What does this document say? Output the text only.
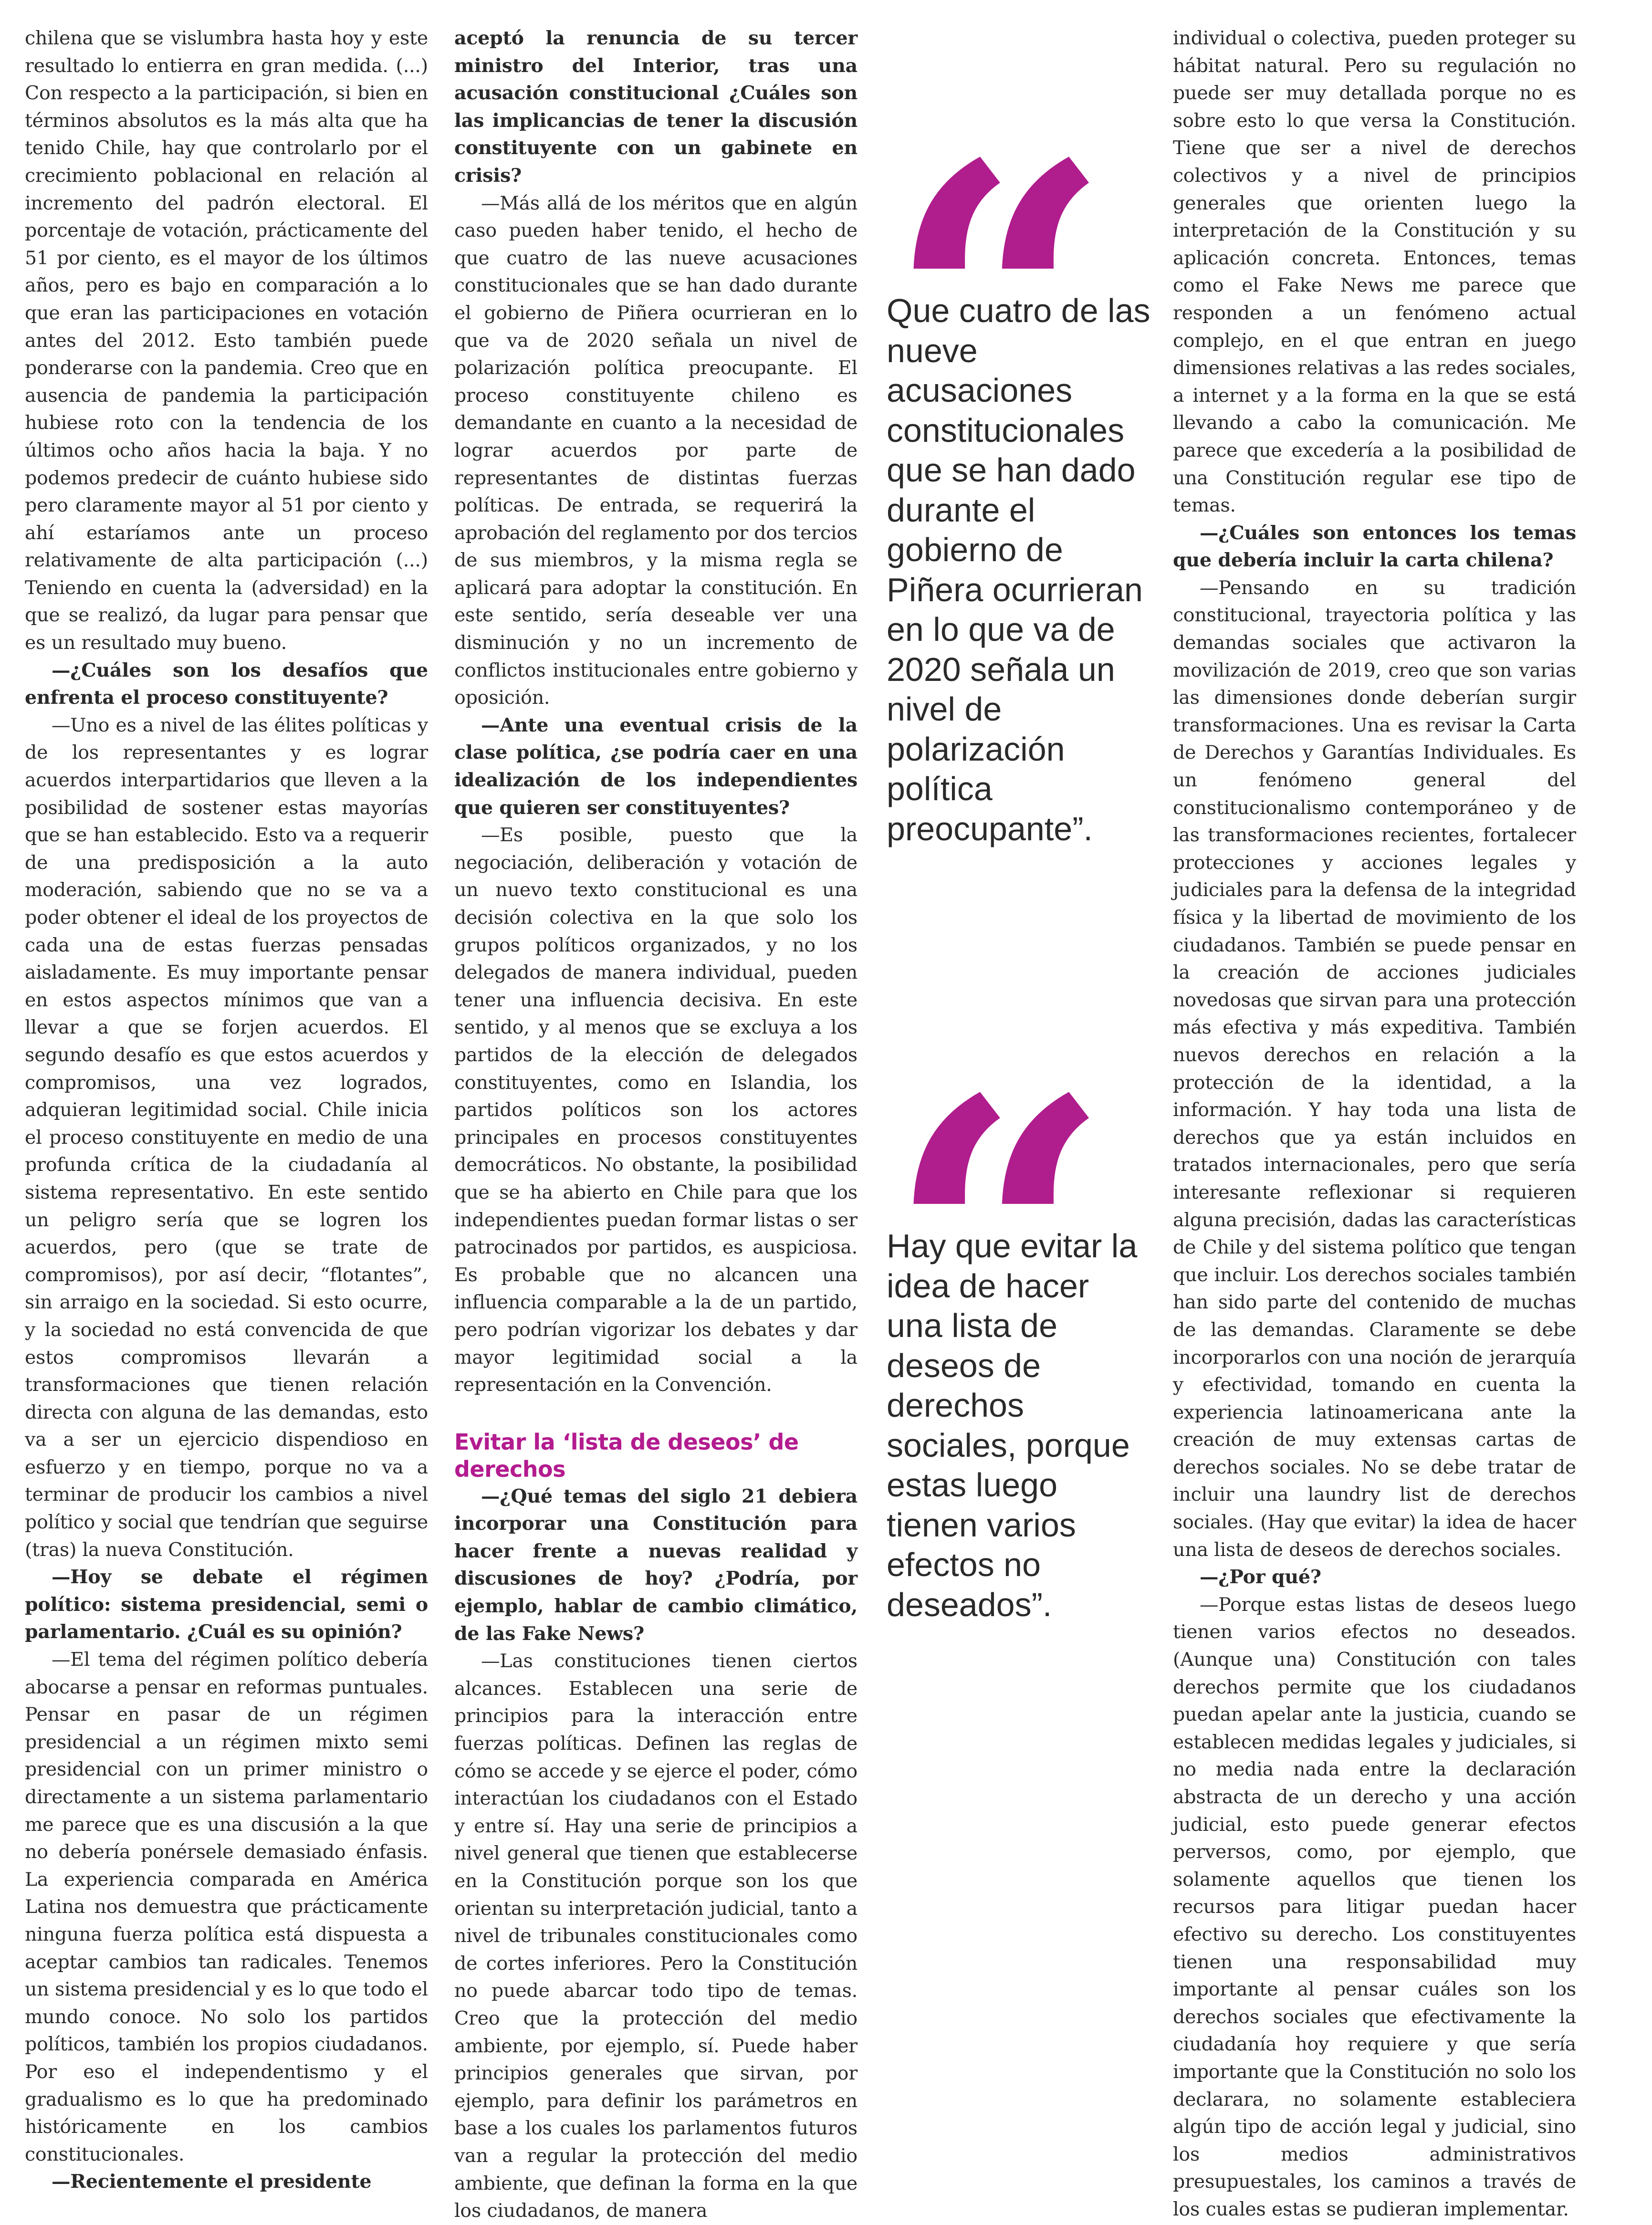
chilena que se vislumbra hasta hoy y este resultado lo entierra en gran medida. (...) Con respecto a la participación, si bien en términos absolutos es la más alta que ha tenido Chile, hay que controlarlo por el crecimiento poblacional en relación al incremento del padrón electoral. El porcentaje de votación, prácticamente del 51 por ciento, es el mayor de los últimos años, pero es bajo en comparación a lo que eran las participaciones en votación antes del 2012. Esto también puede ponderarse con la pandemia. Creo que en ausencia de pandemia la participación hubiese roto con la tendencia de los últimos ocho años hacia la baja. Y no podemos predecir de cuánto hubiese sido pero claramente mayor al 51 por ciento y ahí estaríamos ante un proceso relativamente de alta participación (...) Teniendo en cuenta la (adversidad) en la que se realizó, da lugar para pensar que es un resultado muy bueno.

—¿Cuáles son los desafíos que enfrenta el proceso constituyente?

—Uno es a nivel de las élites políticas y de los representantes y es lograr acuerdos interpartidarios que lleven a la posibilidad de sostener estas mayorías que se han establecido. Esto va a requerir de una predisposición a la auto moderación, sabiendo que no se va a poder obtener el ideal de los proyectos de cada una de estas fuerzas pensadas aisladamente. Es muy importante pensar en estos aspectos mínimos que van a llevar a que se forjen acuerdos. El segundo desafío es que estos acuerdos y compromisos, una vez logrados, adquieran legitimidad social. Chile inicia el proceso constituyente en medio de una profunda crítica de la ciudadanía al sistema representativo. En este sentido un peligro sería que se logren los acuerdos, pero (que se trate de compromisos), por así decir, “flotantes”, sin arraigo en la sociedad. Si esto ocurre, y la sociedad no está convencida de que estos compromisos llevarán a transformaciones que tienen relación directa con alguna de las demandas, esto va a ser un ejercicio dispendioso en esfuerzo y en tiempo, porque no va a terminar de producir los cambios a nivel político y social que tendrían que seguirse (tras) la nueva Constitución.

—Hoy se debate el régimen político: sistema presidencial, semi o parlamentario. ¿Cuál es su opinión?

—El tema del régimen político debería abocarse a pensar en reformas puntuales. Pensar en pasar de un régimen presidencial a un régimen mixto semi presidencial con un primer ministro o directamente a un sistema parlamentario me parece que es una discusión a la que no debería ponérsele demasiado énfasis. La experiencia comparada en América Latina nos demuestra que prácticamente ninguna fuerza política está dispuesta a aceptar cambios tan radicales. Tenemos un sistema presidencial y es lo que todo el mundo conoce. No solo los partidos políticos, también los propios ciudadanos. Por eso el independentismo y el gradualismo es lo que ha predominado históricamente en los cambios constitucionales.

—Recientemente el presidente

aceptó la renuncia de su tercer ministro del Interior, tras una acusación constitucional ¿Cuáles son las implicancias de tener la discusión constituyente con un gabinete en crisis?

—Más allá de los méritos que en algún caso pueden haber tenido, el hecho de que cuatro de las nueve acusaciones constitucionales que se han dado durante el gobierno de Piñera ocurrieran en lo que va de 2020 señala un nivel de polarización política preocupante. El proceso constituyente chileno es demandante en cuanto a la necesidad de lograr acuerdos por parte de representantes de distintas fuerzas políticas. De entrada, se requerirá la aprobación del reglamento por dos tercios de sus miembros, y la misma regla se aplicará para adoptar la constitución. En este sentido, sería deseable ver una disminución y no un incremento de conflictos institucionales entre gobierno y oposición.

—Ante una eventual crisis de la clase política, ¿se podría caer en una idealización de los independientes que quieren ser constituyentes?

—Es posible, puesto que la negociación, deliberación y votación de un nuevo texto constitucional es una decisión colectiva en la que solo los grupos políticos organizados, y no los delegados de manera individual, pueden tener una influencia decisiva. En este sentido, y al menos que se excluya a los partidos de la elección de delegados constituyentes, como en Islandia, los partidos políticos son los actores principales en procesos constituyentes democráticos. No obstante, la posibilidad que se ha abierto en Chile para que los independientes puedan formar listas o ser patrocinados por partidos, es auspiciosa. Es probable que no alcancen una influencia comparable a la de un partido, pero podrían vigorizar los debates y dar mayor legitimidad social a la representación en la Convención.

Evitar la ‘lista de deseos’ de derechos

—¿Qué temas del siglo 21 debiera incorporar una Constitución para hacer frente a nuevas realidad y discusiones de hoy? ¿Podría, por ejemplo, hablar de cambio climático, de las Fake News?

—Las constituciones tienen ciertos alcances. Establecen una serie de principios para la interacción entre fuerzas políticas. Definen las reglas de cómo se accede y se ejerce el poder, cómo interactúan los ciudadanos con el Estado y entre sí. Hay una serie de principios a nivel general que tienen que establecerse en la Constitución porque son los que orientan su interpretación judicial, tanto a nivel de tribunales constitucionales como de cortes inferiores. Pero la Constitución no puede abarcar todo tipo de temas. Creo que la protección del medio ambiente, por ejemplo, sí. Puede haber principios generales que sirvan, por ejemplo, para definir los parámetros en base a los cuales los parlamentos futuros van a regular la protección del medio ambiente, que definan la forma en la que los ciudadanos, de manera

Que cuatro de las nueve acusaciones constitucionales que se han dado durante el gobierno de Piñera ocurrieran en lo que va de 2020 señala un nivel de polarización política preocupante”.

Hay que evitar la idea de hacer una lista de deseos de derechos sociales, porque estas luego tienen varios efectos no deseados”.

individual o colectiva, pueden proteger su hábitat natural. Pero su regulación no puede ser muy detallada porque no es sobre esto lo que versa la Constitución. Tiene que ser a nivel de derechos colectivos y a nivel de principios generales que orienten luego la interpretación de la Constitución y su aplicación concreta. Entonces, temas como el Fake News me parece que responden a un fenómeno actual complejo, en el que entran en juego dimensiones relativas a las redes sociales, a internet y a la forma en la que se está llevando a cabo la comunicación. Me parece que excedería a la posibilidad de una Constitución regular ese tipo de temas.

—¿Cuáles son entonces los temas que debería incluir la carta chilena?

—Pensando en su tradición constitucional, trayectoria política y las demandas sociales que activaron la movilización de 2019, creo que son varias las dimensiones donde deberían surgir transformaciones. Una es revisar la Carta de Derechos y Garantías Individuales. Es un fenómeno general del constitucionalismo contemporáneo y de las transformaciones recientes, fortalecer protecciones y acciones legales y judiciales para la defensa de la integridad física y la libertad de movimiento de los ciudadanos. También se puede pensar en la creación de acciones judiciales novedosas que sirvan para una protección más efectiva y más expeditiva. También nuevos derechos en relación a la protección de la identidad, a la información. Y hay toda una lista de derechos que ya están incluidos en tratados internacionales, pero que sería interesante reflexionar si requieren alguna precisión, dadas las características de Chile y del sistema político que tengan que incluir. Los derechos sociales también han sido parte del contenido de muchas de las demandas. Claramente se debe incorporarlos con una noción de jerarquía y efectividad, tomando en cuenta la experiencia latinoamericana ante la creación de muy extensas cartas de derechos sociales. No se debe tratar de incluir una laundry list de derechos sociales. (Hay que evitar) la idea de hacer una lista de deseos de derechos sociales.

—¿Por qué?

—Porque estas listas de deseos luego tienen varios efectos no deseados. (Aunque una) Constitución con tales derechos permite que los ciudadanos puedan apelar ante la justicia, cuando se establecen medidas legales y judiciales, si no media nada entre la declaración abstracta de un derecho y una acción judicial, esto puede generar efectos perversos, como, por ejemplo, que solamente aquellos que tienen los recursos para litigar puedan hacer efectivo su derecho. Los constituyentes tienen una responsabilidad muy importante al pensar cuáles son los derechos sociales que efectivamente la ciudadanía hoy requiere y que sería importante que la Constitución no solo los declarara, no solamente estableciera algún tipo de acción legal y judicial, sino los medios administrativos presupuestales, los caminos a través de los cuales estas se pudieran implementar.
